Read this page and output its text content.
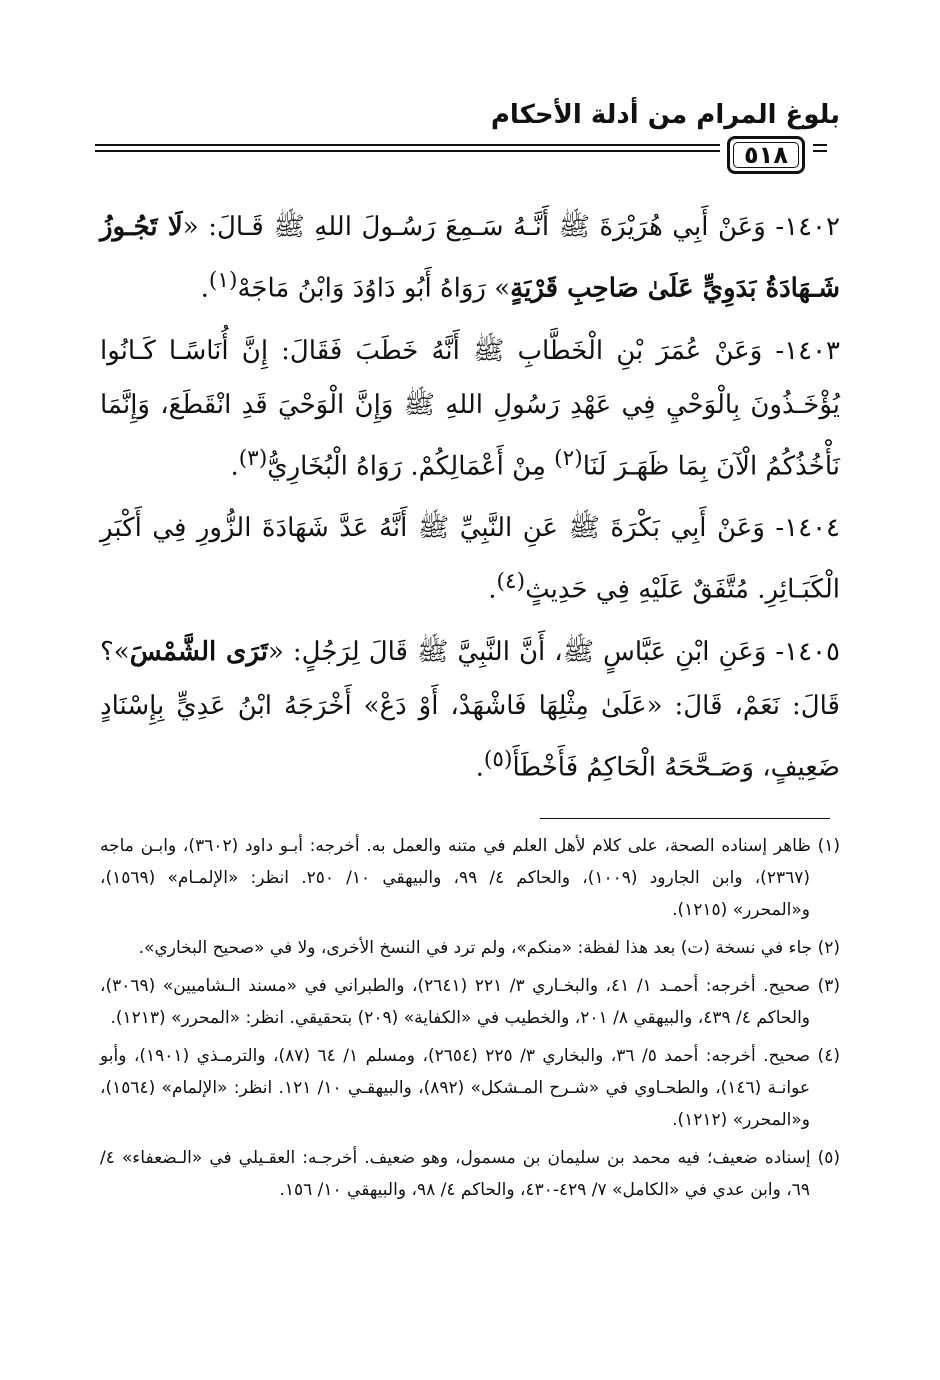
بلوغ المرام من أدلة الأحكام
٥١٨

١٤٠٢- وَعَنْ أَبِي هُرَيْرَةَ ﷺ أَنَّـهُ سَـمِعَ رَسُـولَ اللهِ ﷺ قَـالَ: «لَا تَجُـوزُ شَـهَادَةُ بَدَوِيٍّ عَلَىٰ صَاحِبِ قَرْيَةٍ» رَوَاهُ أَبُو دَاوُدَ وَابْنُ مَاجَهْ$^{(١)}$.

١٤٠٣- وَعَنْ عُمَرَ بْنِ الْخَطَّابِ ﷺ أَنَّهُ خَطَبَ فَقَالَ: إِنَّ أُنَاسًـا كَـانُوا يُؤْخَـذُونَ بِالْوَحْيِ فِي عَهْدِ رَسُولِ اللهِ ﷺ وَإِنَّ الْوَحْيَ قَدِ انْقَطَعَ، وَإِنَّمَا نَأْخُذُكُمُ الْآنَ بِمَا ظَهَـرَ لَنَا$^{(٢)}$ مِنْ أَعْمَالِكُمْ. رَوَاهُ الْبُخَارِيُّ$^{(٣)}$.

١٤٠٤- وَعَنْ أَبِي بَكْرَةَ ﷺ عَنِ النَّبِيِّ ﷺ أَنَّهُ عَدَّ شَهَادَةَ الزُّورِ فِي أَكْبَرِ الْكَبَـائِرِ. مُتَّفَقٌ عَلَيْهِ فِي حَدِيثٍ$^{(٤)}$.

١٤٠٥- وَعَنِ ابْنِ عَبَّاسٍ ﷺ، أَنَّ النَّبِيَّ ﷺ قَالَ لِرَجُلٍ: «تَرَى الشَّمْسَ»؟ قَالَ: نَعَمْ، قَالَ: «عَلَىٰ مِثْلِهَا فَاشْهَدْ، أَوْ دَعْ» أَخْرَجَهُ ابْنُ عَدِيٍّ بِإِسْنَادٍ ضَعِيفٍ، وَصَـحَّحَهُ الْحَاكِمُ فَأَخْطَأَ$^{(٥)}$.

(١) ظاهر إسناده الصحة، على كلام لأهل العلم في متنه والعمل به. أخرجه: أبـو داود (٣٦٠٢)، وابـن ماجه (٢٣٦٧)، وابن الجارود (١٠٠٩)، والحاكم ٤/ ٩٩، والبيهقي ١٠/ ٢٥٠. انظر: «الإلمـام» (١٥٦٩)، و«المحرر» (١٢١٥).

(٢) جاء في نسخة (ت) بعد هذا لفظة: «منكم»، ولم ترد في النسخ الأخرى، ولا في «صحيح البخاري».

(٣) صحيح. أخرجه: أحمـد ١/ ٤١، والبخـاري ٣/ ٢٢١ (٢٦٤١)، والطبراني في «مسند الـشاميين» (٣٠٦٩)، والحاكم ٤/ ٤٣٩، والبيهقي ٨/ ٢٠١، والخطيب في «الكفاية» (٢٠٩) بتحقيقي. انظر: «المحرر» (١٢١٣).

(٤) صحيح. أخرجه: أحمد ٥/ ٣٦، والبخاري ٣/ ٢٢٥ (٢٦٥٤)، ومسلم ١/ ٦٤ (٨٧)، والترمـذي (١٩٠١)، وأبو عوانـة (١٤٦)، والطحـاوي في «شـرح المـشكل» (٨٩٢)، والبيهقـي ١٠/ ١٢١. انظر: «الإلمام» (١٥٦٤)، و«المحرر» (١٢١٢).

(٥) إسناده ضعيف؛ فيه محمد بن سليمان بن مسمول، وهو ضعيف. أخرجـه: العقـيلي في «الـضعفاء» ٤/ ٦٩، وابن عدي في «الكامل» ٧/ ٤٢٩-٤٣٠، والحاكم ٤/ ٩٨، والبيهقي ١٠/ ١٥٦.
